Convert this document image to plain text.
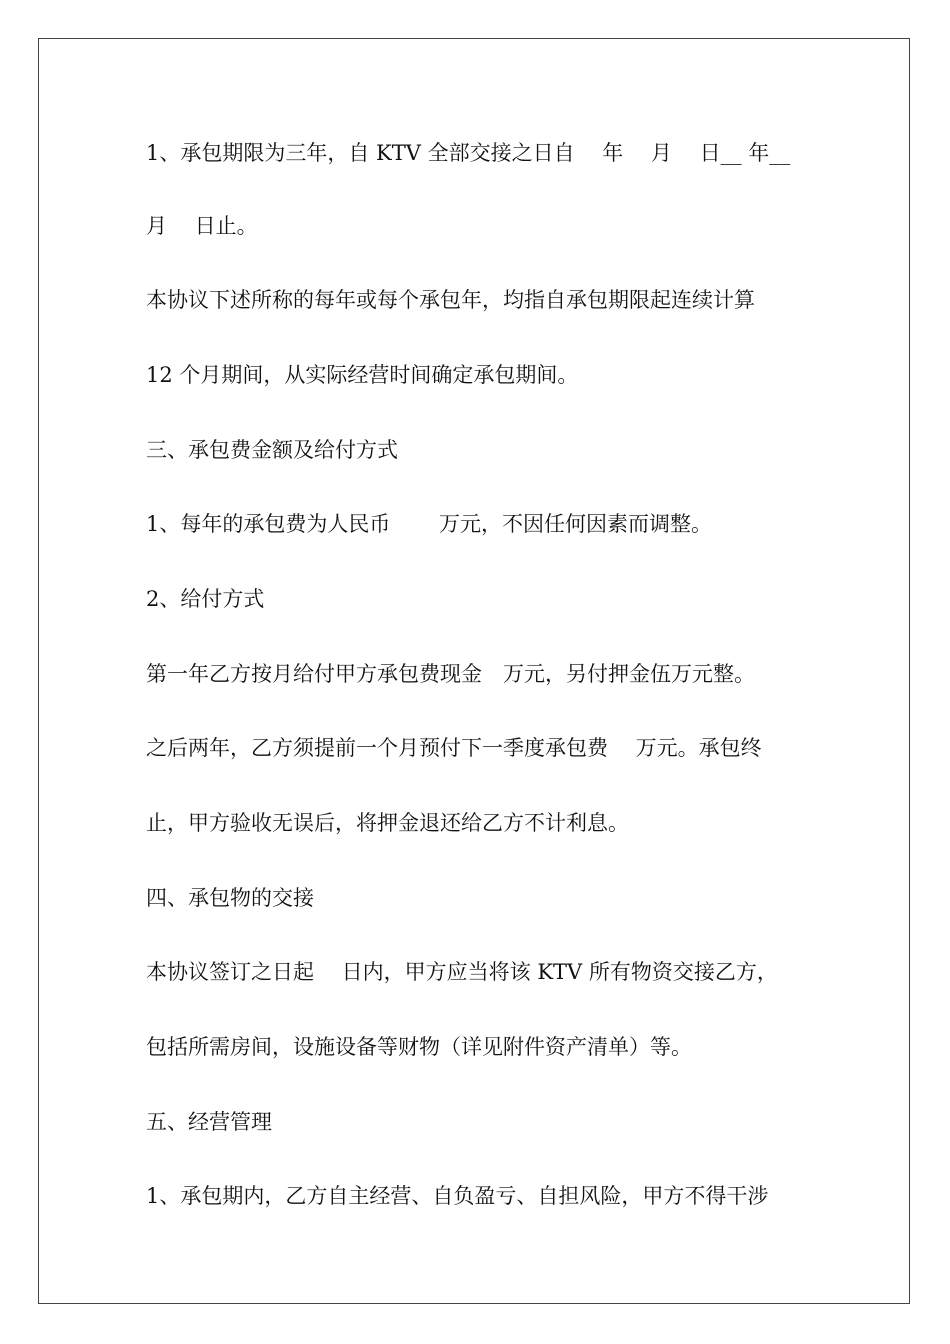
1、承包期限为三年，自 KTV 全部交接之日自　 年　 月　 日__ 年__
月　 日止。
本协议下述所称的每年或每个承包年，均指自承包期限起连续计算
12 个月期间，从实际经营时间确定承包期间。
三、承包费金额及给付方式
1、每年的承包费为人民币　　 万元，不因任何因素而调整。
2、给付方式
第一年乙方按月给付甲方承包费现金　万元，另付押金伍万元整。
之后两年，乙方须提前一个月预付下一季度承包费　 万元。承包终
止，甲方验收无误后，将押金退还给乙方不计利息。
四、承包物的交接
本协议签订之日起　 日内，甲方应当将该 KTV 所有物资交接乙方，
包括所需房间，设施设备等财物（详见附件资产清单）等。
五、经营管理
1、承包期内，乙方自主经营、自负盈亏、自担风险，甲方不得干涉
